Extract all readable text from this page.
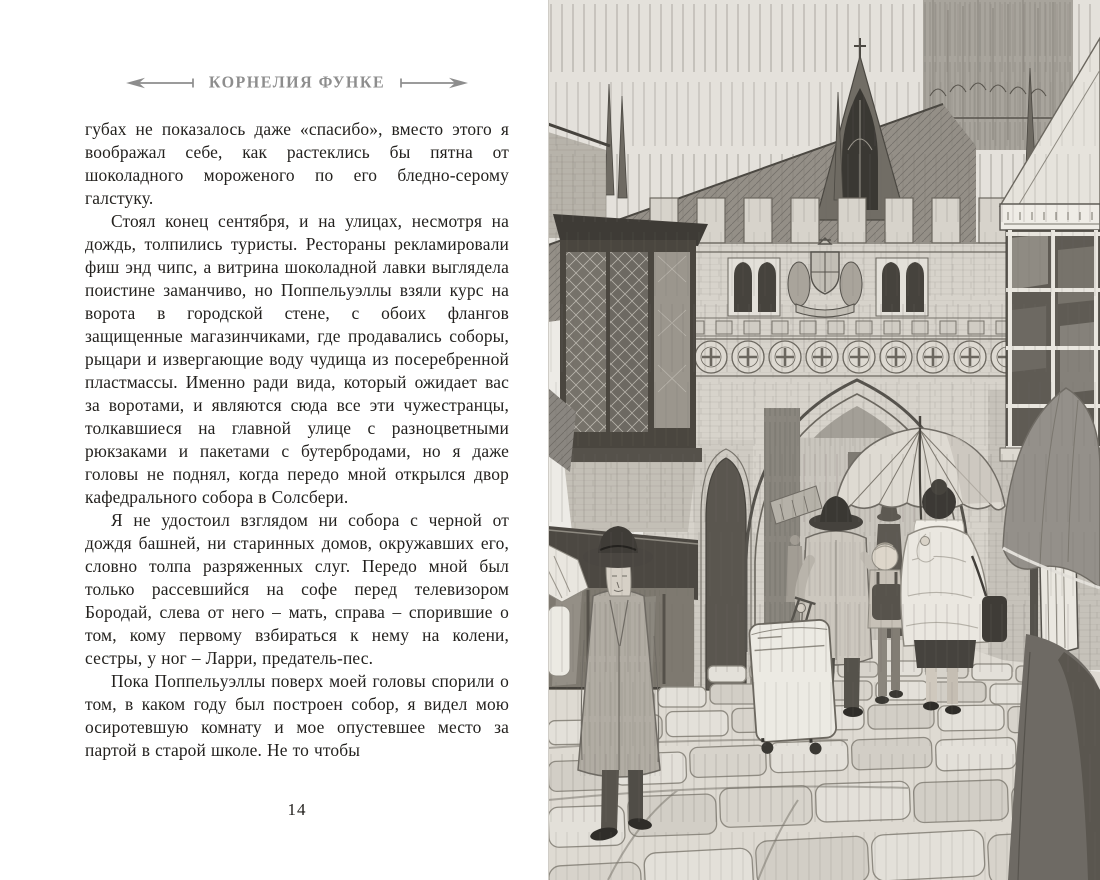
КОРНЕЛИЯ ФУНКЕ

губах не показалось даже «спасибо», вместо этого я воображал себе, как растеклись бы пятна от шоколадного мороженого по его бледно-серому галстуку.

Стоял конец сентября, и на улицах, несмотря на дождь, толпились туристы. Рестораны рекламировали фиш энд чипс, а витрина шоколадной лавки выглядела поистине заманчиво, но Поппельуэллы взяли курс на ворота в городской стене, с обоих флангов защищенные магазинчиками, где продавались соборы, рыцари и извергающие воду чудища из посеребренной пластмассы. Именно ради вида, который ожидает вас за воротами, и являются сюда все эти чужестранцы, толкавшиеся на главной улице с разноцветными рюкзаками и пакетами с бутербродами, но я даже головы не поднял, когда передо мной открылся двор кафедрального собора в Солсбери.

Я не удостоил взглядом ни собора с черной от дождя башней, ни старинных домов, окружавших его, словно толпа разряженных слуг. Передо мной был только рассевшийся на софе перед телевизором Бородай, слева от него – мать, справа – спорившие о том, кому первому взбираться к нему на колени, сестры, у ног – Ларри, предатель-пес.

Пока Поппельуэллы поверх моей головы спорили о том, в каком году был построен собор, я видел мою осиротевшую комнату и мое опустевшее место за партой в старой школе. Не то чтобы

14
